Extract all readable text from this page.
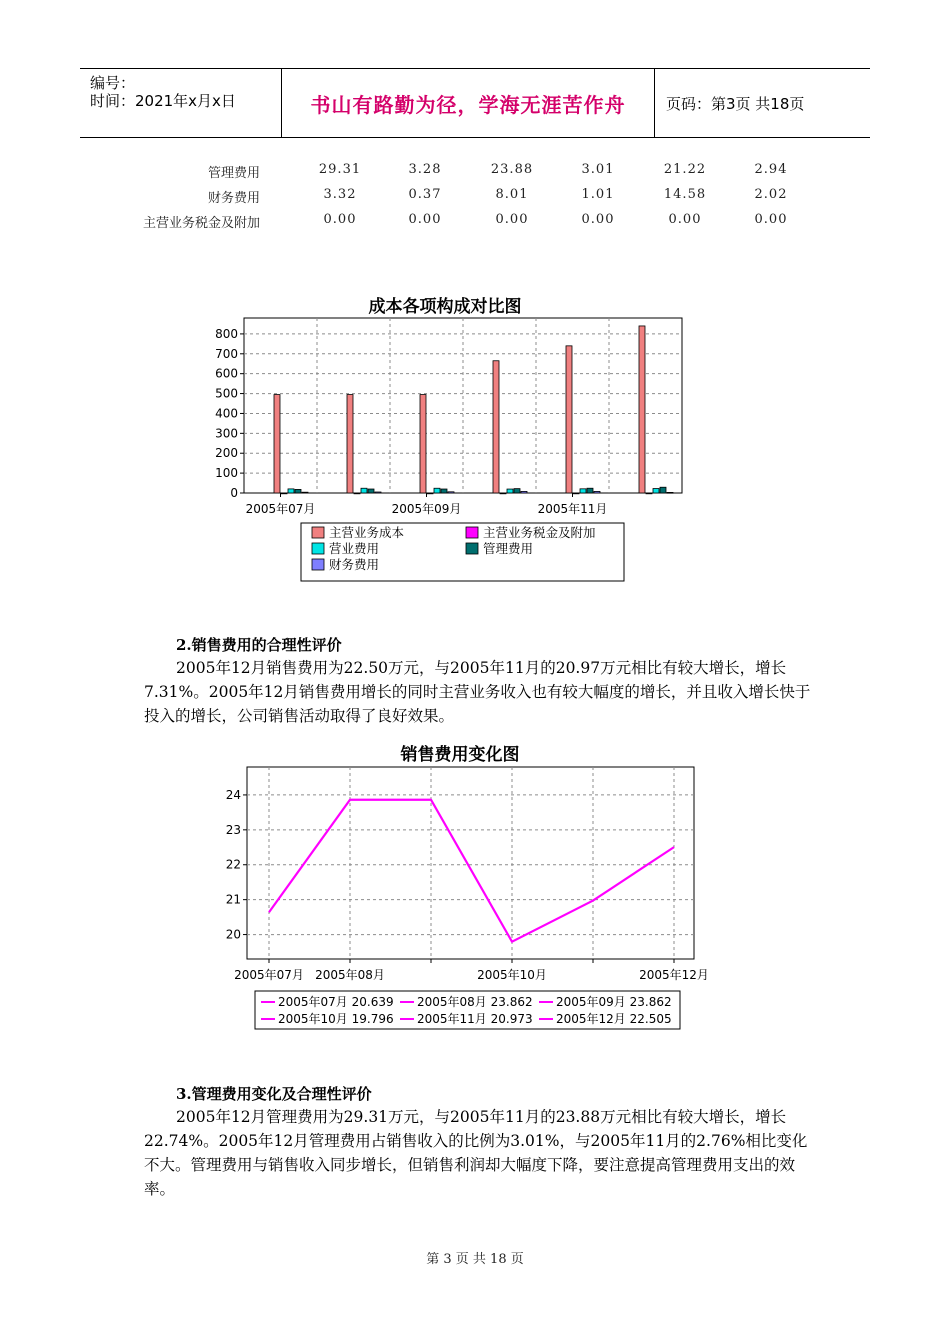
编号：
时间：2021年x月x日	书山有路勤为径，学海无涯苦作舟	页码：第3页 共18页
管理费用	29.31	3.28	23.88	3.01	21.22	2.94
财务费用	3.32	0.37	8.01	1.01	14.58	2.02
主营业务税金及附加	0.00	0.00	0.00	0.00	0.00	0.00
成本各项构成对比图
800
700
600
500
400
300
200
100
0
2005年07月	2005年09月	2005年11月
主营业务成本	主营业务税金及附加
营业费用	管理费用
财务费用
2.销售费用的合理性评价
2005年12月销售费用为22.50万元，与2005年11月的20.97万元相比有较大增长，增长7.31%。2005年12月销售费用增长的同时主营业务收入也有较大幅度的增长，并且收入增长快于投入的增长，公司销售活动取得了良好效果。
销售费用变化图
24
23
22
21
20
2005年07月 2005年08月	2005年10月	2005年12月
2005年07月 20.639 2005年08月 23.862 2005年09月 23.862
2005年10月 19.796 2005年11月 20.973 2005年12月 22.505
3.管理费用变化及合理性评价
2005年12月管理费用为29.31万元，与2005年11月的23.88万元相比有较大增长，增长22.74%。2005年12月管理费用占销售收入的比例为3.01%，与2005年11月的2.76%相比变化不大。管理费用与销售收入同步增长，但销售利润却大幅度下降，要注意提高管理费用支出的效率。
第 3 页 共 18 页
